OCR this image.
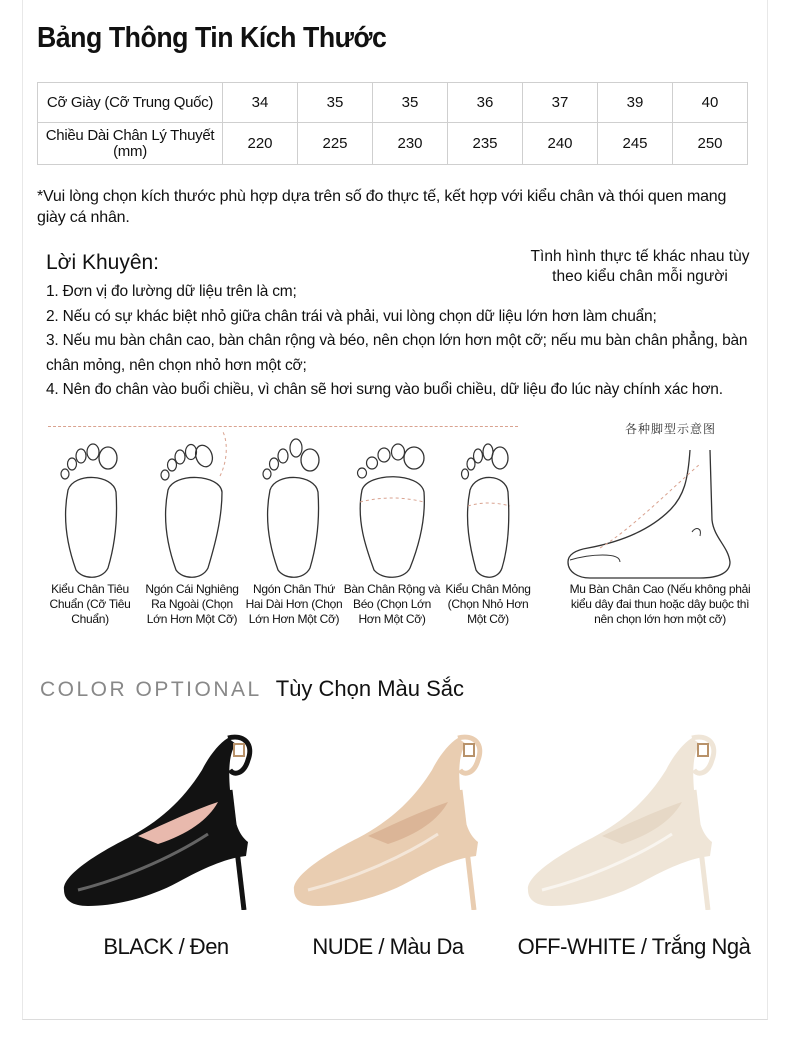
Bảng Thông Tin Kích Thước
Cỡ Giày (Cỡ Trung Quốc)	34	35	35	36	37	39	40
Chiều Dài Chân Lý Thuyết (mm)	220	225	230	235	240	245	250

*Vui lòng chọn kích thước phù hợp dựa trên số đo thực tế, kết hợp với kiểu chân và thói quen mang giày cá nhân.

Lời Khuyên:	Tình hình thực tế khác nhau tùy theo kiểu chân mỗi người
1. Đơn vị đo lường dữ liệu trên là cm;
2. Nếu có sự khác biệt nhỏ giữa chân trái và phải, vui lòng chọn dữ liệu lớn hơn làm chuẩn;
3. Nếu mu bàn chân cao, bàn chân rộng và béo, nên chọn lớn hơn một cỡ; nếu mu bàn chân phẳng, bàn chân mỏng, nên chọn nhỏ hơn một cỡ;
4. Nên đo chân vào buổi chiều, vì chân sẽ hơi sưng vào buổi chiều, dữ liệu đo lúc này chính xác hơn.
Kiểu Chân Tiêu Chuẩn (Cỡ Tiêu Chuẩn)
Ngón Cái Nghiêng Ra Ngoài (Chọn Lớn Hơn Một Cỡ)
Ngón Chân Thứ Hai Dài Hơn (Chọn Lớn Hơn Một Cỡ)
Bàn Chân Rộng và Béo (Chọn Lớn Hơn Một Cỡ)
Kiểu Chân Mỏng (Chọn Nhỏ Hơn Một Cỡ)
各种脚型示意图
Mu Bàn Chân Cao (Nếu không phải kiểu dây đai thun hoặc dây buộc thì nên chọn lớn hơn một cỡ)
COLOR OPTIONAL Tùy Chọn Màu Sắc
BLACK / Đen	NUDE / Màu Da	OFF-WHITE / Trắng Ngà
